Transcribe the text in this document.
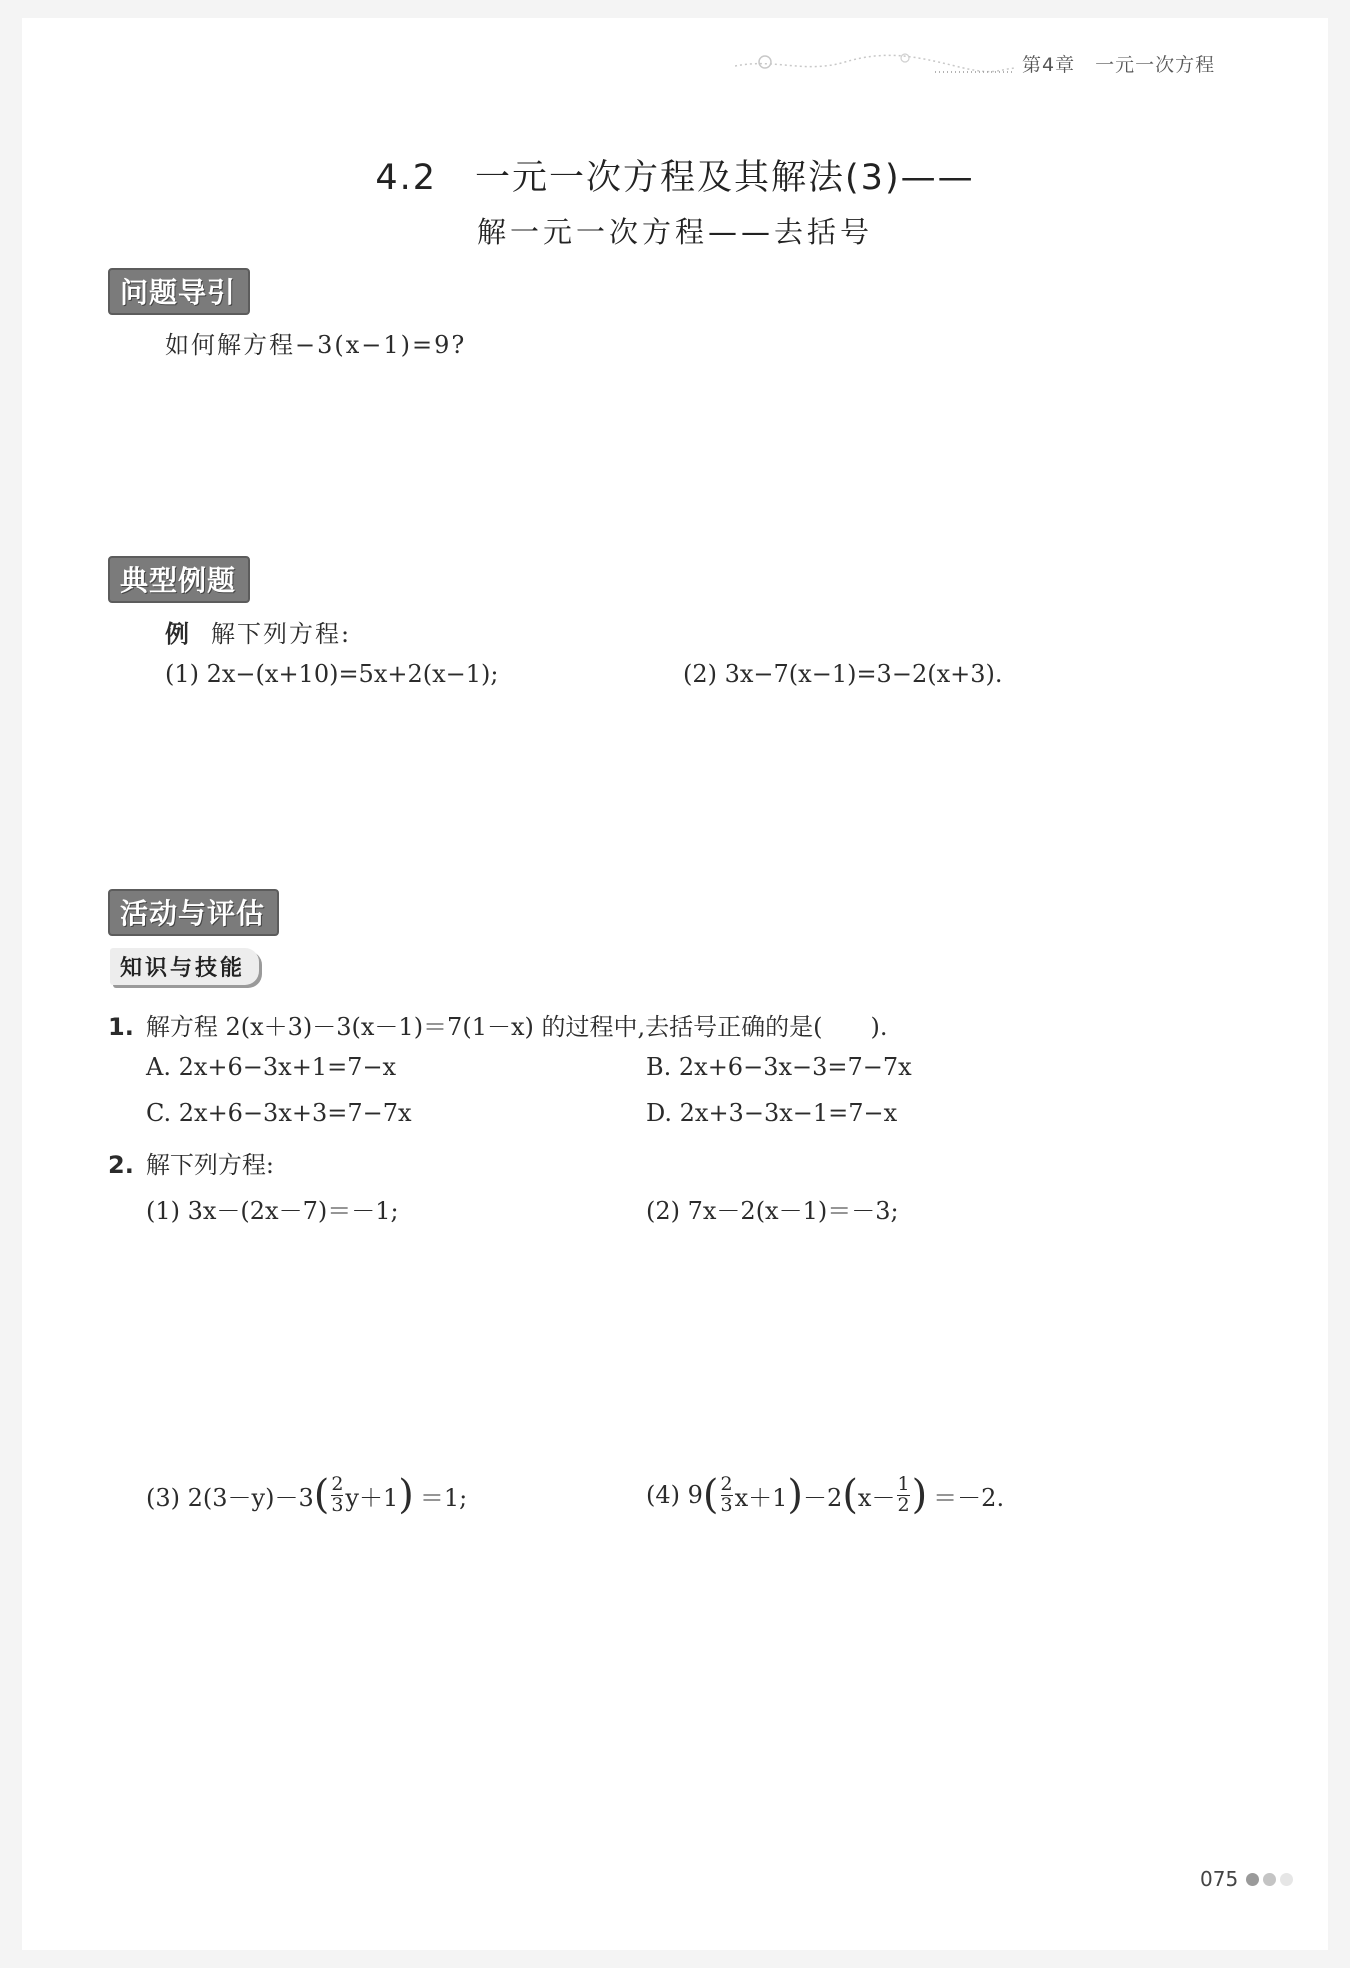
第4章 一元一次方程
4.2 一元一次方程及其解法(3)——
解一元一次方程——去括号
问题导引
如何解方程−3(x−1)=9?
典型例题
例 解下列方程:
(1) 2x−(x+10)=5x+2(x−1);	(2) 3x−7(x−1)=3−2(x+3).
活动与评估
知识与技能
1. 解方程 2(x＋3)－3(x－1)＝7(1－x) 的过程中,去括号正确的是(　　).
A. 2x+6−3x+1=7−x	B. 2x+6−3x−3=7−7x
C. 2x+6−3x+3=7−7x	D. 2x+3−3x−1=7−x
2. 解下列方程:
(1) 3x－(2x－7)＝－1;	(2) 7x－2(x－1)＝－3;
(3) 2(3－y)－3 ( $\frac{2}{3} y+1$ ) ＝1;	(4) 9 ( $\frac{2}{3} x+1$ ) －2 ( $x- \frac{1}{2}$ ) ＝－2.
075
